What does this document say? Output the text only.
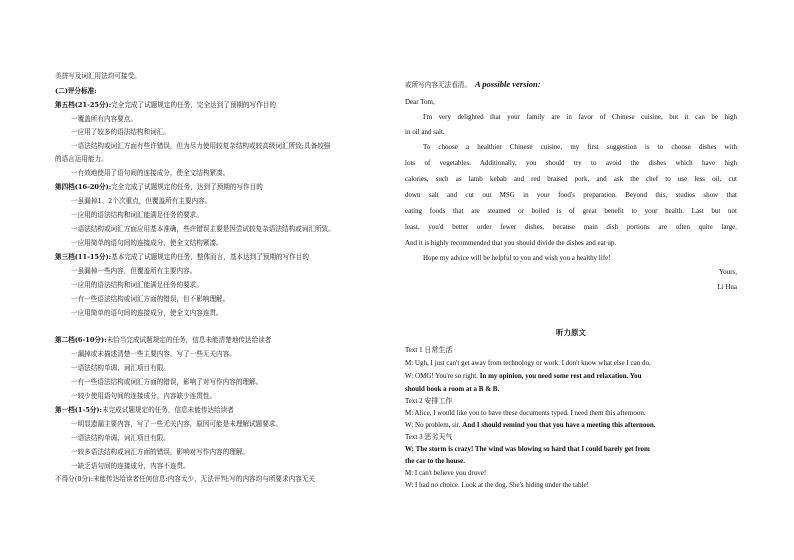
美拼写及词汇用法均可接受。
(二)评分标准:
第五档(21-25分):完全完成了试题规定的任务，完全达到了预期的写作目的
一覆盖所有内容要点。
一应用了较多的语法结构和词汇。
一语法结构或词汇方面有些许错误，但为尽力使用较复杂结构或较高级词汇所致;具备较强
的语言运用能力。
一有效地使用了语句间的连接成分，使全文结构紧凑。
第四档(16-20分):完全完成了试题规定的任务，达到了预期的写作目的
一虽漏掉1、2个次重点，但覆盖所有主要内容。
一应用的语法结构和词汇能满足任务的要求。
一语法结构或词汇方面应用基本准确，些许错误主要是因尝试较复杂语法结构或词汇所致。
一应用简单的语句间的连接成分，使全文结构紧凑。
第三档(11-15分):基本完成了试题规定的任务，整体而言，基本达到了预期的写作目的
一虽漏掉一些内容，但覆盖所有主要内容。
一应用的语法结构和词汇能满足任务的要求。
一有一些语法结构或词汇方面的错误，但不影响理解。
一应用简单的语句间的连接成分，使全文内容连贯。
第二档(6-10分):未恰当完成试题规定的任务，信息未能清楚地传达给读者
一漏掉或未描述清楚一些主要内容，写了一些无关内容。
一语法结构单调、词汇项目有限。
一有一些语法结构或词汇方面的错误，影响了对写作内容的理解。
一较少使用语句间的连接成分，内容缺少连贯性。
第一档(1-5分):未完成试题规定的任务，信息未能传达给读者
一明显遗漏主要内容，写了一些无关内容，原因可能是未理解试题要求。
一语法结构单调、词汇项目有限。
一较多语法结构或词汇方面的错误，影响对写作内容的理解。
一缺乏语句间的连接成分，内容不连贯。
不得分(0分):未能传达给读者任何信息:内容太少，无法评判;写的内容均与所要求内容无关
或所写内容无法看清。 A possible version:
Dear Tom,
I'm very delighted that your family are in favor of Chinese cuisine, but it can be high
in oil and salt.
To choose a healthier Chinese cuisine, my first suggestion is to choose dishes with
lots of vegetables. Additionally, you should try to avoid the dishes which have high
calories, such as lamb kebab and red braised pork, and ask the chef to use less oil, cut
down salt and cut out MSG in your food's preparation. Beyond this, studies show that
eating foods that are steamed or boiled is of great benefit to your health. Last but not
least, you'd better order fewer dishes, because main dish portions are often quite large.
And it is highly recommended that you should divide the dishes and eat up.
Hope my advice will be helpful to you and wish you a healthy life!
Yours,
Li Hua
听力原文
Text 1 日常生活
M: Ugh, I just can't get away from technology or work. I don't know what else I can do.
W: OMG! You're so right. In my opinion, you need some rest and relaxation. You
should book a room at a B & B.
Text 2 安排工作
M: Alice, I would like you to have these documents typed. I need them this afternoon.
W: No problem, sir. And I should remind you that you have a meeting this afternoon.
Text 3 恶劣天气
W: The storm is crazy! The wind was blowing so hard that I could barely get from
the car to the house.
M: I can't believe you drove!
W: I had no choice. Look at the dog. She's hiding under the table!
